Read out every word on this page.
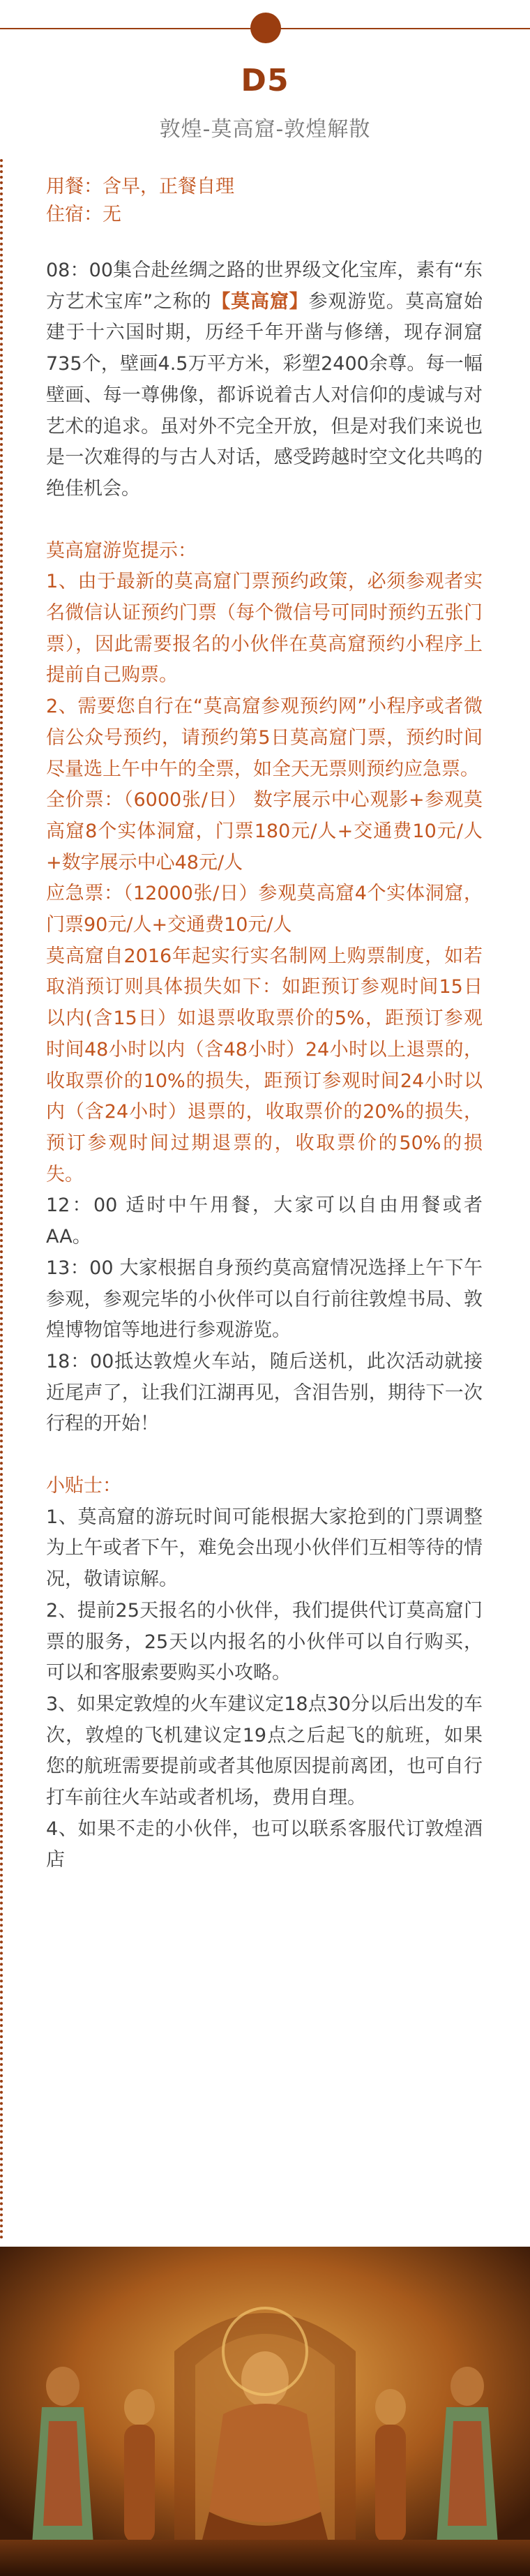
D5
敦煌-莫高窟-敦煌解散

用餐：含早，正餐自理

住宿：无

08：00集合赴丝绸之路的世界级文化宝库，素有“东方艺术宝库”之称的【莫高窟】参观游览。莫高窟始建于十六国时期，历经千年开凿与修缮，现存洞窟735个，壁画4.5万平方米，彩塑2400余尊。每一幅壁画、每一尊佛像，都诉说着古人对信仰的虔诚与对艺术的追求。虽对外不完全开放，但是对我们来说也是一次难得的与古人对话，感受跨越时空文化共鸣的绝佳机会。

莫高窟游览提示：

1、由于最新的莫高窟门票预约政策，必须参观者实名微信认证预约门票（每个微信号可同时预约五张门票），因此需要报名的小伙伴在莫高窟预约小程序上提前自己购票。

2、需要您自行在“莫高窟参观预约网”小程序或者微信公众号预约，请预约第5日莫高窟门票，预约时间尽量选上午中午的全票，如全天无票则预约应急票。

全价票：（6000张/日） 数字展示中心观影+参观莫高窟8个实体洞窟，门票180元/人+交通费10元/人+数字展示中心48元/人

应急票：（12000张/日）参观莫高窟4个实体洞窟，门票90元/人+交通费10元/人

莫高窟自2016年起实行实名制网上购票制度，如若取消预订则具体损失如下：如距预订参观时间15日以内(含15日）如退票收取票价的5%，距预订参观时间48小时以内（含48小时）24小时以上退票的，收取票价的10%的损失，距预订参观时间24小时以内（含24小时）退票的，收取票价的20%的损失，预订参观时间过期退票的，收取票价的50%的损失。

12：00 适时中午用餐，大家可以自由用餐或者AA。

13：00 大家根据自身预约莫高窟情况选择上午下午参观，参观完毕的小伙伴可以自行前往敦煌书局、敦煌博物馆等地进行参观游览。

18：00抵达敦煌火车站，随后送机，此次活动就接近尾声了，让我们江湖再见，含泪告别，期待下一次行程的开始！

小贴士：

1、莫高窟的游玩时间可能根据大家抢到的门票调整为上午或者下午，难免会出现小伙伴们互相等待的情况，敬请谅解。

2、提前25天报名的小伙伴，我们提供代订莫高窟门票的服务，25天以内报名的小伙伴可以自行购买，可以和客服索要购买小攻略。

3、如果定敦煌的火车建议定18点30分以后出发的车次，敦煌的飞机建议定19点之后起飞的航班，如果您的航班需要提前或者其他原因提前离团，也可自行打车前往火车站或者机场，费用自理。

4、如果不走的小伙伴，也可以联系客服代订敦煌酒店
